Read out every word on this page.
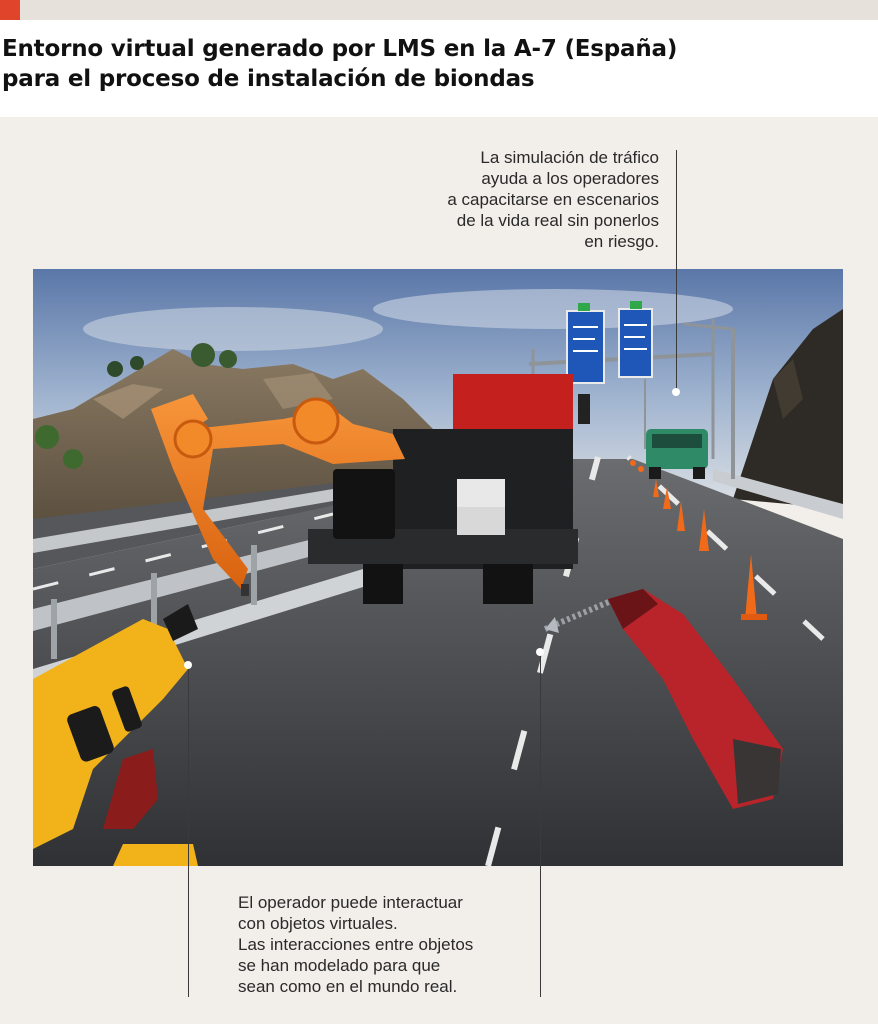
Entorno virtual generado por LMS en la A-7 (España)
para el proceso de instalación de biondas
La simulación de tráfico
ayuda a los operadores
a capacitarse en escenarios
de la vida real sin ponerlos
en riesgo.
El operador puede interactuar
con objetos virtuales.
Las interacciones entre objetos
se han modelado para que
sean como en el mundo real.
